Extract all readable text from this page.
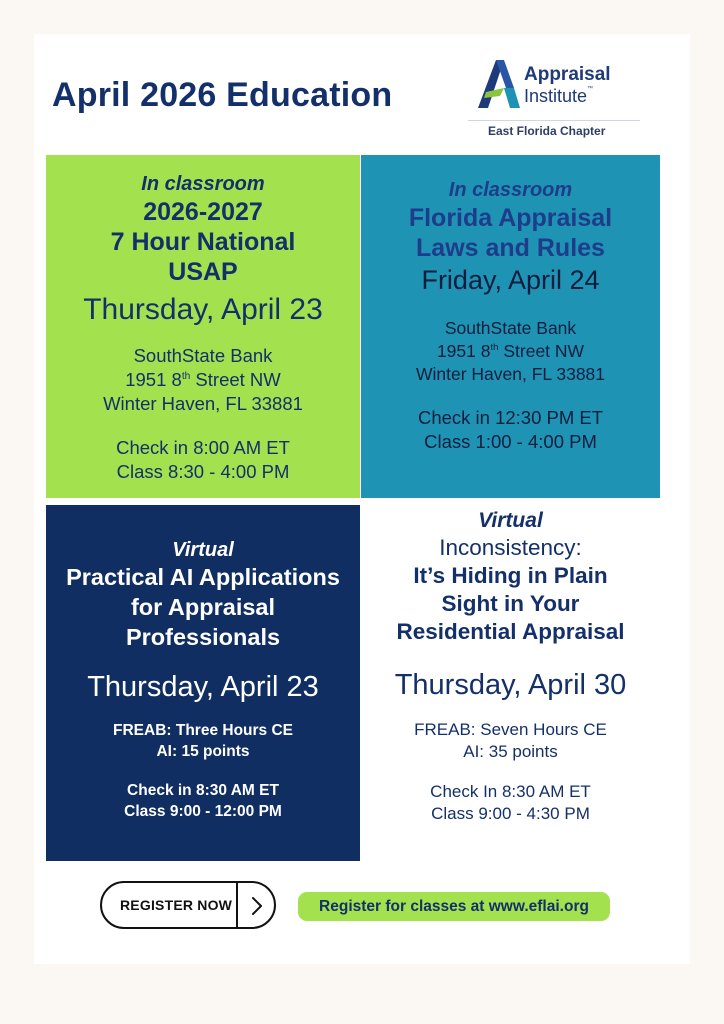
April 2026 Education
Appraisal
Institute™
East Florida Chapter
In classroom
2026-2027
7 Hour National
USAP
Thursday, April 23
SouthState Bank
1951 8th Street NW
Winter Haven, FL 33881
Check in 8:00 AM ET
Class 8:30 - 4:00 PM
In classroom
Florida Appraisal
Laws and Rules
Friday, April 24
SouthState Bank
1951 8th Street NW
Winter Haven, FL 33881
Check in 12:30 PM ET
Class 1:00 - 4:00 PM
Virtual
Practical AI Applications
for Appraisal
Professionals
Thursday, April 23
FREAB: Three Hours CE
AI: 15 points
Check in 8:30 AM ET
Class 9:00 - 12:00 PM
Virtual
Inconsistency:
It’s Hiding in Plain
Sight in Your
Residential Appraisal
Thursday, April 30
FREAB: Seven Hours CE
AI: 35 points
Check In 8:30 AM ET
Class 9:00 - 4:30 PM
REGISTER NOW	Register for classes at www.eflai.org
